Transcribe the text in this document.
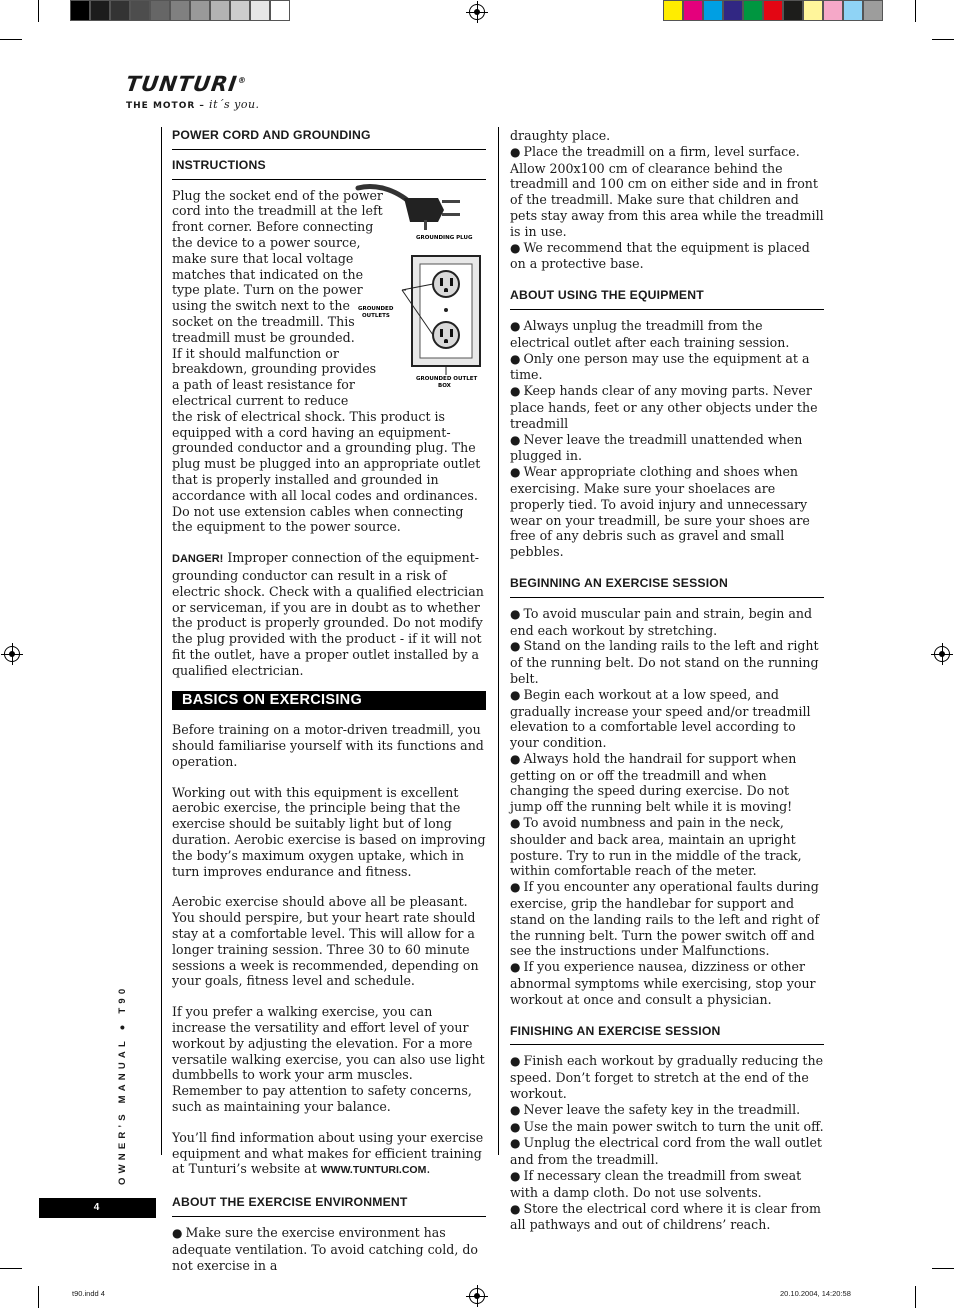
TUNTURI®
THE MOTOR – it´s you.
POWER CORD AND GROUNDING
INSTRUCTIONS
Plug the socket end of the power
cord into the treadmill at the left
front corner. Before connecting
the device to a power source,
make sure that local voltage
matches that indicated on the
type plate. Turn on the power
using the switch next to the
socket on the treadmill. This
treadmill must be grounded.
If it should malfunction or
breakdown, grounding provides
a path of least resistance for
electrical current to reduce

the risk of electrical shock. This product is equipped with a cord having an equipment-grounded conductor and a grounding plug. The plug must be plugged into an appropriate outlet that is properly installed and grounded in accordance with all local codes and ordinances. Do not use extension cables when connecting the equipment to the power source.

DANGER! Improper connection of the equipment-grounding conductor can result in a risk of electric shock. Check with a qualified electrician or serviceman, if you are in doubt as to whether the product is properly grounded. Do not modify the plug provided with the product - if it will not fit the outlet, have a proper outlet installed by a qualified electrician.

BASICS ON EXERCISING

Before training on a motor-driven treadmill, you should familiarise yourself with its functions and operation.

Working out with this equipment is excellent aerobic exercise, the principle being that the exercise should be suitably light but of long duration. Aerobic exercise is based on improving the body’s maximum oxygen uptake, which in turn improves endurance and fitness.

Aerobic exercise should above all be pleasant. You should perspire, but your heart rate should stay at a comfortable level. This will allow for a longer training session. Three 30 to 60 minute sessions a week is recommended, depending on your goals, fitness level and schedule.

If you prefer a walking exercise, you can increase the versatility and effort level of your workout by adjusting the elevation. For a more versatile walking exercise, you can also use light dumbbells to work your arm muscles. Remember to pay attention to safety concerns, such as maintaining your balance.

You’ll find information about using your exercise equipment and what makes for efficient training at Tunturi’s website at WWW.TUNTURI.COM.

ABOUT THE EXERCISE ENVIRONMENT

● Make sure the exercise environment has adequate ventilation. To avoid catching cold, do not exercise in a

GROUNDING PLUG
GROUNDED
OUTLETS
GROUNDED OUTLET
BOX

draughty place.

● Place the treadmill on a firm, level surface. Allow 200x100 cm of clearance behind the treadmill and 100 cm on either side and in front of the treadmill. Make sure that children and pets stay away from this area while the treadmill is in use.

● We recommend that the equipment is placed on a protective base.

ABOUT USING THE EQUIPMENT

● Always unplug the treadmill from the electrical outlet after each training session.

● Only one person may use the equipment at a time.

● Keep hands clear of any moving parts. Never place hands, feet or any other objects under the treadmill

● Never leave the treadmill unattended when plugged in.

● Wear appropriate clothing and shoes when exercising. Make sure your shoelaces are properly tied. To avoid injury and unnecessary wear on your treadmill, be sure your shoes are free of any debris such as gravel and small pebbles.

BEGINNING AN EXERCISE SESSION

● To avoid muscular pain and strain, begin and end each workout by stretching.

● Stand on the landing rails to the left and right of the running belt. Do not stand on the running belt.

● Begin each workout at a low speed, and gradually increase your speed and/or treadmill elevation to a comfortable level according to your condition.

● Always hold the handrail for support when getting on or off the treadmill and when changing the speed during exercise. Do not jump off the running belt while it is moving!

● To avoid numbness and pain in the neck, shoulder and back area, maintain an upright posture. Try to run in the middle of the track, within comfortable reach of the meter.

● If you encounter any operational faults during exercise, grip the handlebar for support and stand on the landing rails to the left and right of the running belt. Turn the power switch off and see the instructions under Malfunctions.

● If you experience nausea, dizziness or other abnormal symptoms while exercising, stop your workout at once and consult a physician.

FINISHING AN EXERCISE SESSION

● Finish each workout by gradually reducing the speed. Don’t forget to stretch at the end of the workout.

● Never leave the safety key in the treadmill.

● Use the main power switch to turn the unit off.

● Unplug the electrical cord from the wall outlet and from the treadmill.

● If necessary clean the treadmill from sweat with a damp cloth. Do not use solvents.

● Store the electrical cord where it is clear from all pathways and out of childrens’ reach.

OWNER’S MANUAL ● T90
4
t90.indd 4	20.10.2004, 14:20:58
